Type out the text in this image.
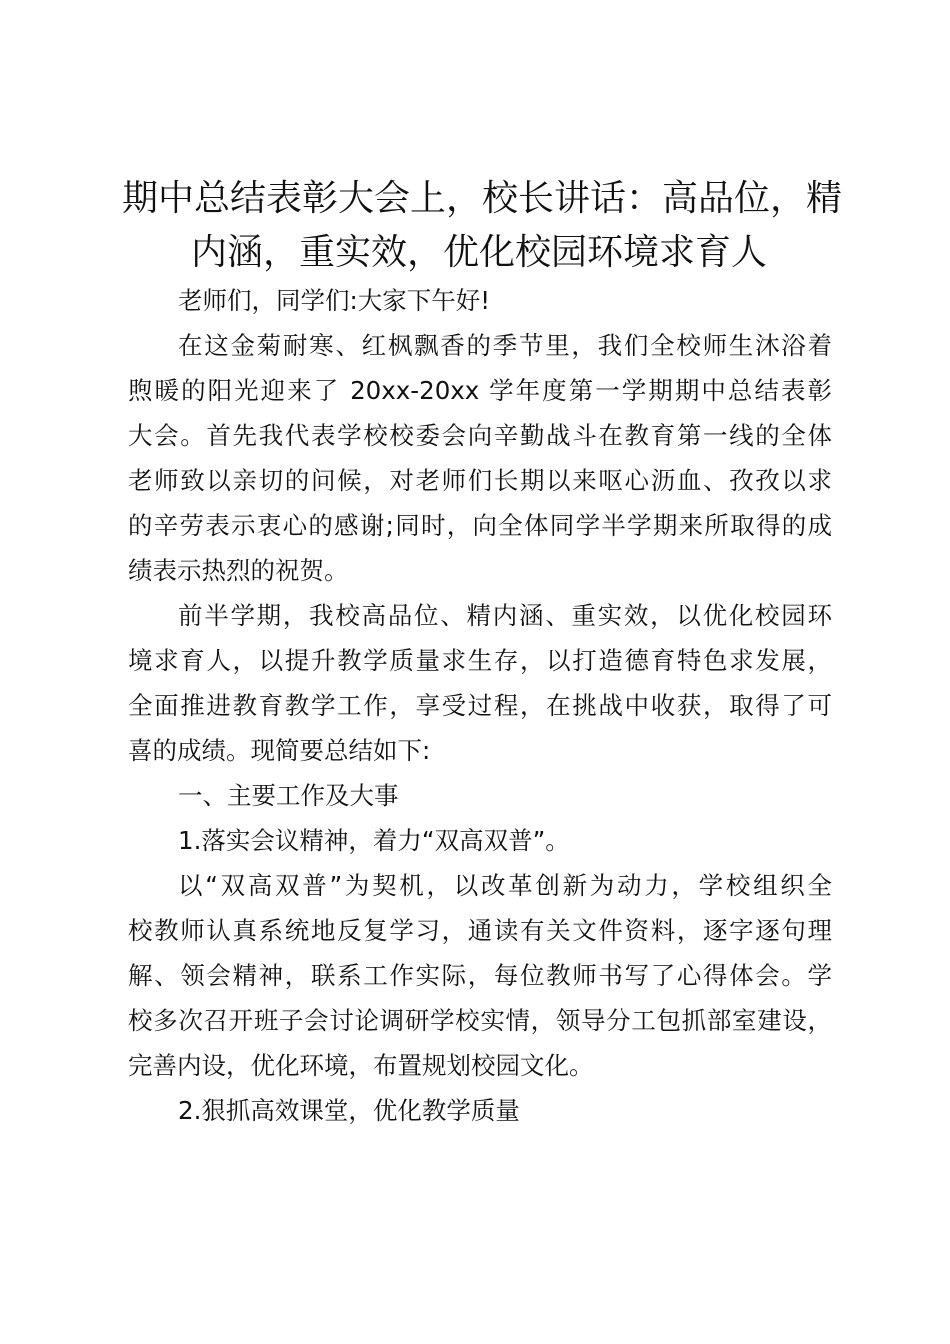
期中总结表彰大会上，校长讲话：高品位，精
内涵，重实效，优化校园环境求育人
老师们，同学们:大家下午好!
在这金菊耐寒、红枫飘香的季节里，我们全校师生沐浴着
煦暖的阳光迎来了 20xx-20xx 学年度第一学期期中总结表彰
大会。首先我代表学校校委会向辛勤战斗在教育第一线的全体
老师致以亲切的问候，对老师们长期以来呕心沥血、孜孜以求
的辛劳表示衷心的感谢;同时，向全体同学半学期来所取得的成
绩表示热烈的祝贺。
前半学期，我校高品位、精内涵、重实效，以优化校园环
境求育人，以提升教学质量求生存，以打造德育特色求发展，
全面推进教育教学工作，享受过程，在挑战中收获，取得了可
喜的成绩。现简要总结如下:
一、主要工作及大事
1.落实会议精神，着力“双高双普”。
以“双高双普”为契机，以改革创新为动力，学校组织全
校教师认真系统地反复学习，通读有关文件资料，逐字逐句理
解、领会精神，联系工作实际，每位教师书写了心得体会。学
校多次召开班子会讨论调研学校实情，领导分工包抓部室建设，
完善内设，优化环境，布置规划校园文化。
2.狠抓高效课堂，优化教学质量
